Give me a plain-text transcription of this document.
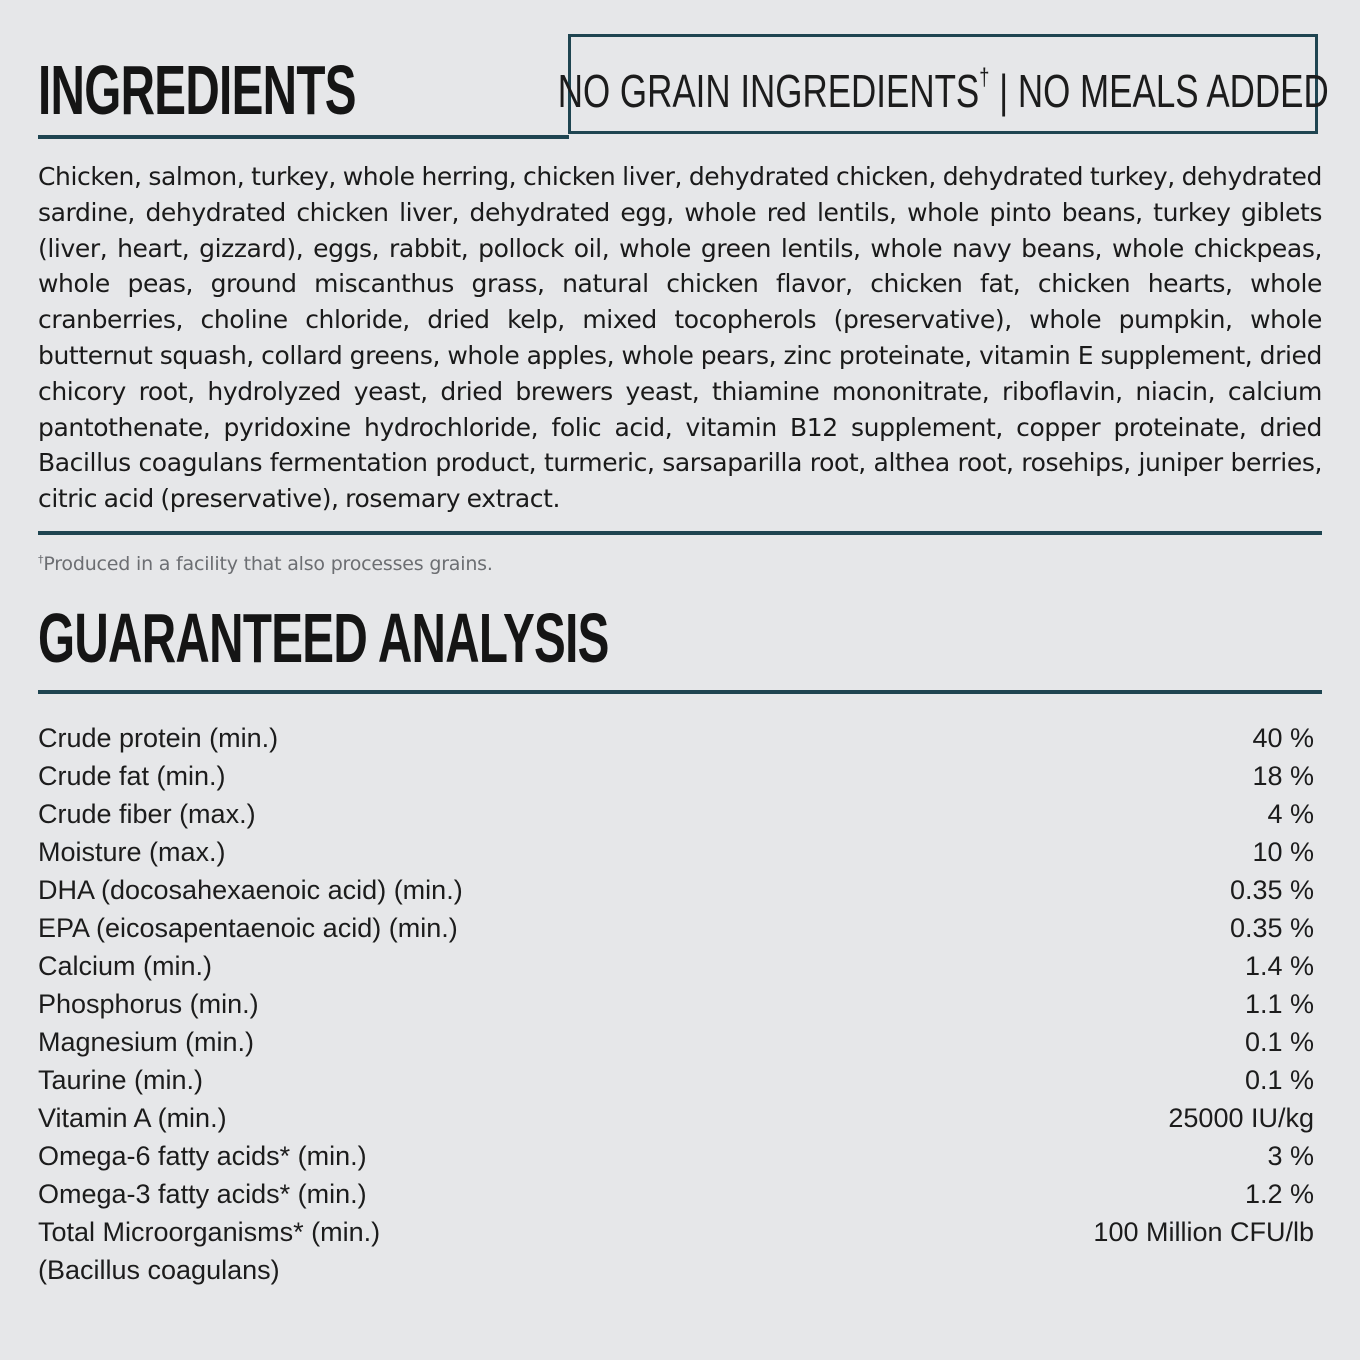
INGREDIENTS	NO GRAIN INGREDIENTS† | NO MEALS ADDED

Chicken, salmon, turkey, whole herring, chicken liver, dehydrated chicken, dehydrated turkey, dehydrated sardine, dehydrated chicken liver, dehydrated egg, whole red lentils, whole pinto beans, turkey giblets (liver, heart, gizzard), eggs, rabbit, pollock oil, whole green lentils, whole navy beans, whole chickpeas, whole peas, ground miscanthus grass, natural chicken flavor, chicken fat, chicken hearts, whole cranberries, choline chloride, dried kelp, mixed tocopherols (preservative), whole pumpkin, whole butternut squash, collard greens, whole apples, whole pears, zinc proteinate, vitamin E supplement, dried chicory root, hydrolyzed yeast, dried brewers yeast, thiamine mononitrate, riboflavin, niacin, calcium pantothenate, pyridoxine hydrochloride, folic acid, vitamin B12 supplement, copper proteinate, dried Bacillus coagulans fermentation product, turmeric, sarsaparilla root, althea root, rosehips, juniper berries, citric acid (preservative), rosemary extract.

†Produced in a facility that also processes grains.

GUARANTEED ANALYSIS
Crude protein (min.)	40 %
Crude fat (min.)	18 %
Crude fiber (max.)	4 %
Moisture (max.)	10 %
DHA (docosahexaenoic acid) (min.)	0.35 %
EPA (eicosapentaenoic acid) (min.)	0.35 %
Calcium (min.)	1.4 %
Phosphorus (min.)	1.1 %
Magnesium (min.)	0.1 %
Taurine (min.)	0.1 %
Vitamin A (min.)	25000 IU/kg
Omega-6 fatty acids* (min.)	3 %
Omega-3 fatty acids* (min.)	1.2 %
Total Microorganisms* (min.)	100 Million CFU/lb
(Bacillus coagulans)	
